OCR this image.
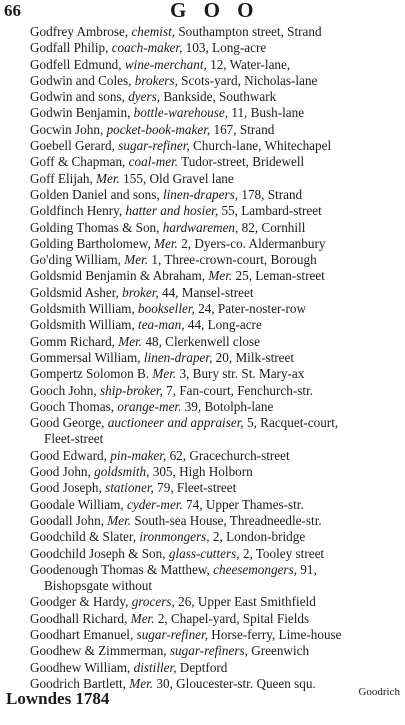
66	G O O
Godfrey Ambrose, chemist, Southampton street, Strand
Godfall Philip, coach-maker, 103, Long-acre
Godfell Edmund, wine-merchant, 12, Water-lane,
Godwin and Coles, brokers, Scots-yard, Nicholas-lane
Godwin and sons, dyers, Bankside, Southwark
Godwin Benjamin, bottle-warehouse, 11, Bush-lane
Gocwin John, pocket-book-maker, 167, Strand
Goebell Gerard, sugar-refiner, Church-lane, Whitechapel
Goff & Chapman, coal-mer. Tudor-street, Bridewell
Goff Elijah, Mer. 155, Old Gravel lane
Golden Daniel and sons, linen-drapers, 178, Strand
Goldfinch Henry, hatter and hosier, 55, Lambard-street
Golding Thomas & Son, hardwaremen, 82, Cornhill
Golding Bartholomew, Mer. 2, Dyers-co. Aldermanbury
Go'ding William, Mer. 1, Three-crown-court, Borough
Goldsmid Benjamin & Abraham, Mer. 25, Leman-street
Goldsmid Asher, broker, 44, Mansel-street
Goldsmith William, bookseller, 24, Pater-noster-row
Goldsmith William, tea-man, 44, Long-acre
Gomm Richard, Mer. 48, Clerkenwell close
Gommersal William, linen-draper, 20, Milk-street
Gompertz Solomon B. Mer. 3, Bury str. St. Mary-ax
Gooch John, ship-broker, 7, Fan-court, Fenchurch-str.
Gooch Thomas, orange-mer. 39, Botolph-lane
Good George, auctioneer and appraiser, 5, Racquet-court,
Fleet-street
Good Edward, pin-maker, 62, Gracechurch-street
Good John, goldsmith, 305, High Holborn
Good Joseph, stationer, 79, Fleet-street
Goodale William, cyder-mer. 74, Upper Thames-str.
Goodall John, Mer. South-sea House, Threadneedle-str.
Goodchild & Slater, ironmongers, 2, London-bridge
Goodchild Joseph & Son, glass-cutters, 2, Tooley street
Goodenough Thomas & Matthew, cheesemongers, 91,
Bishopsgate without
Goodger & Hardy, grocers, 26, Upper East Smithfield
Goodhall Richard, Mer. 2, Chapel-yard, Spital Fields
Goodhart Emanuel, sugar-refiner, Horse-ferry, Lime-house
Goodhew & Zimmerman, sugar-refiners, Greenwich
Goodhew William, distiller, Deptford
Goodrich Bartlett, Mer. 30, Gloucester-str. Queen squ.
Goodrich
Lowndes 1784
